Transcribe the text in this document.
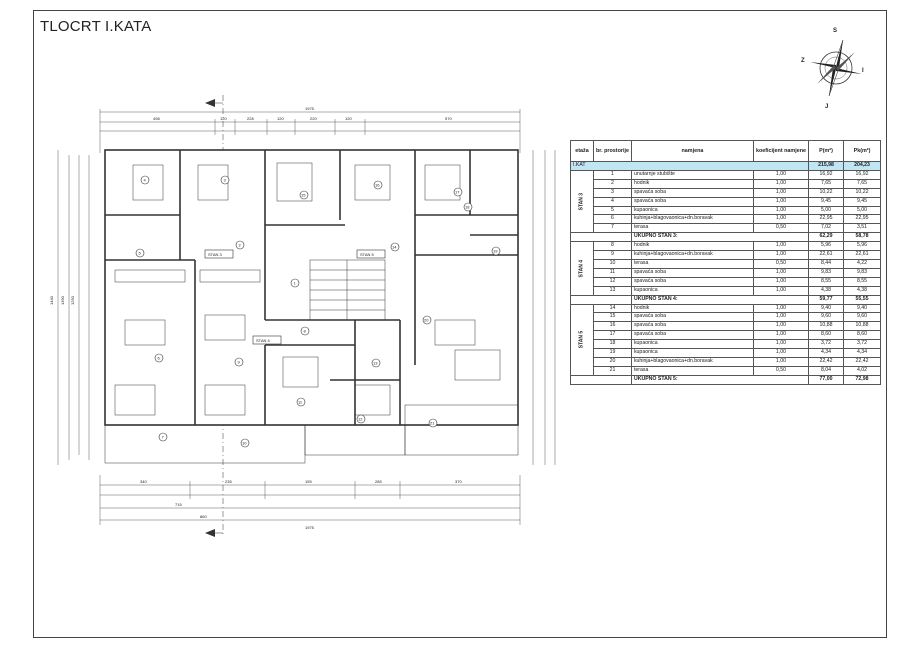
TLOCRT I.KATA	S
I
J
Z
1975
498	120	228	120	220	120	570
1440 1390 1250
STAN 3
STAN 4
STAN 5
1
2
3
4
5
6
7
8
9
10
11
12
13
14
15
16
17
18
19
20
21
340	235	155	285	370
715
860
1975
etaža	br. prostorije	namjena	koeficijent namjene	P(m²)	Pk(m²)
I.KAT				215,98	204,23
STAN 3	1	unutarnje stubište	1,00	16,92	16,92
	2	hodnik	1,00	7,65	7,65
	3	spavaća soba	1,00	10,22	10,22
	4	spavaća soba	1,00	9,45	9,45
	5	kupaonica	1,00	5,00	5,00
	6	kuhinja+blagovaonica+dn.boravak	1,00	22,95	22,95
	7	terasa	0,50	7,02	3,51
		UKUPNO STAN 3:		62,29	58,78
STAN 4	8	hodnik	1,00	5,96	5,96
	9	kuhinja+blagovaonica+dn.boravak	1,00	22,61	22,61
	10	terasa	0,50	8,44	4,22
	11	spavaća soba	1,00	9,83	9,83
	12	spavaća soba	1,00	8,55	8,55
	13	kupaonica	1,00	4,38	4,38
		UKUPNO STAN 4:		59,77	55,55
STAN 5	14	hodnik	1,00	9,40	9,40
	15	spavaća soba	1,00	9,60	9,60
	16	spavaća soba	1,00	10,88	10,88
	17	spavaća soba	1,00	8,60	8,60
	18	kupaonica	1,00	3,72	3,72
	19	kupaonica	1,00	4,34	4,34
	20	kuhinja+blagovaonica+dn.boravak	1,00	22,42	22,42
	21	terasa	0,50	8,04	4,02
		UKUPNO STAN 5:		77,00	72,98
